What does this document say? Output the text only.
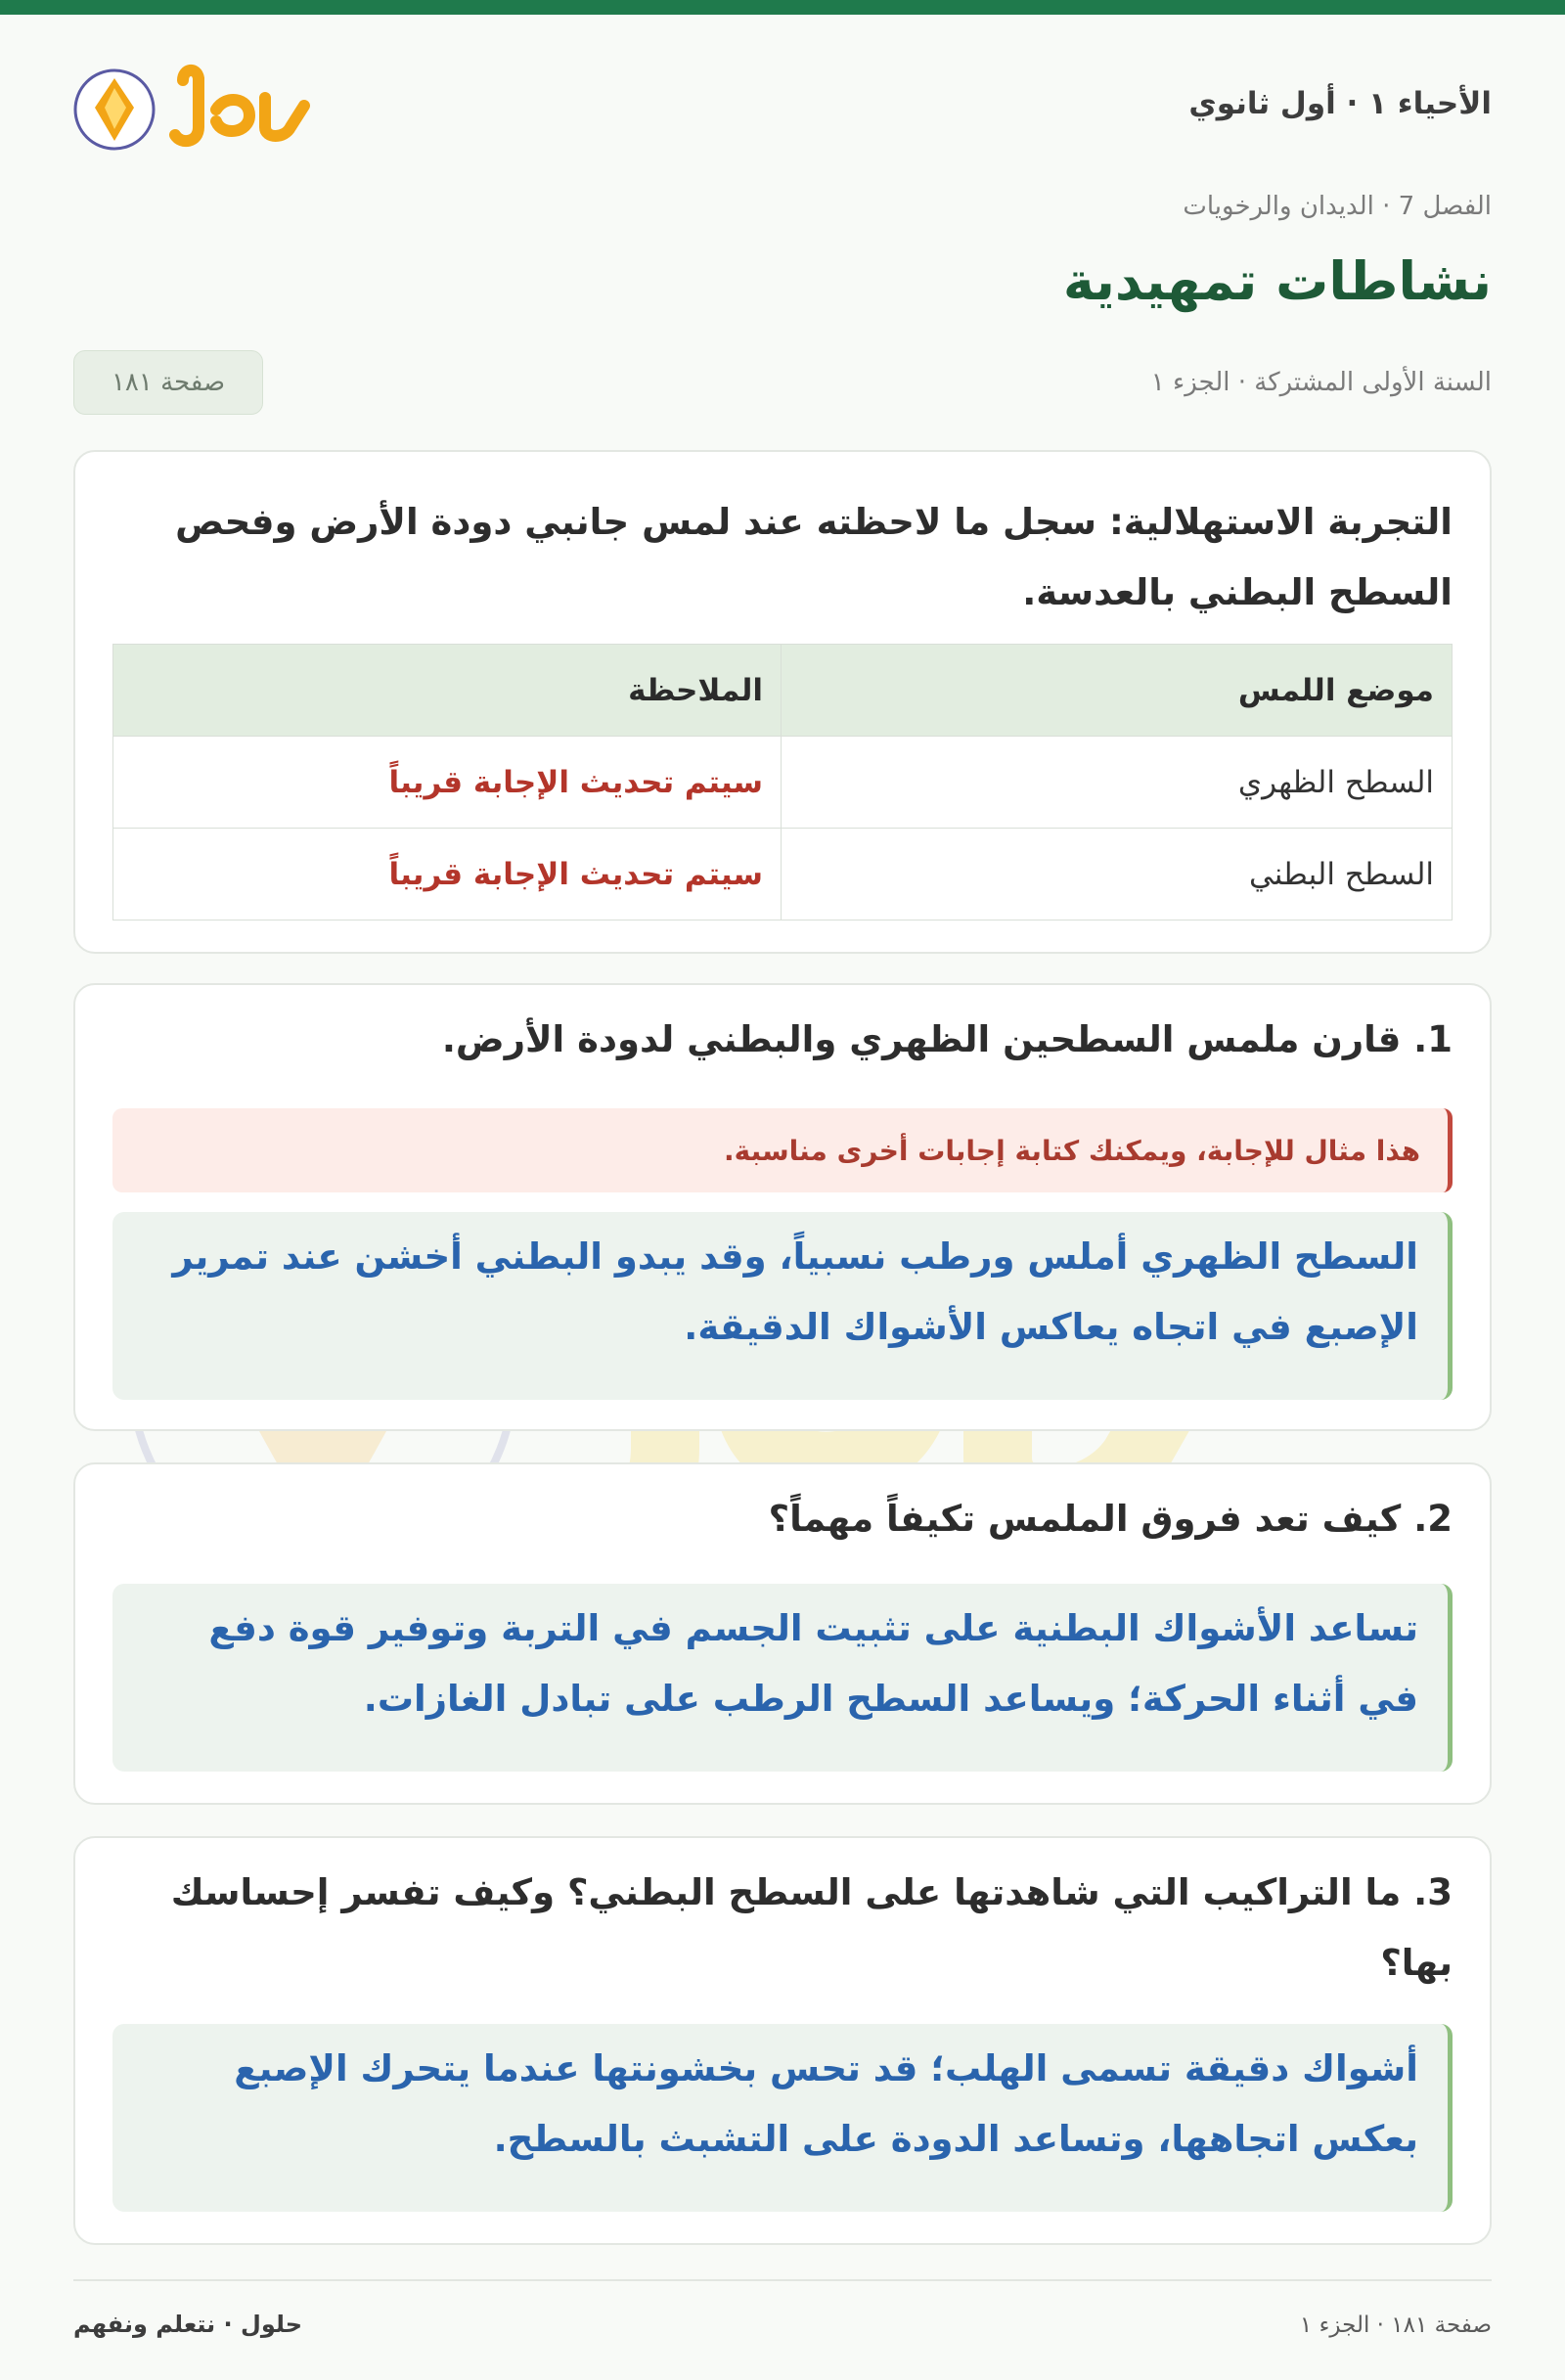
الأحياء ١ · أول ثانوي
الفصل 7 · الديدان والرخويات
نشاطات تمهيدية
السنة الأولى المشتركة · الجزء ١
صفحة ١٨١
التجربة الاستهلالية: سجل ما لاحظته عند لمس جانبي دودة الأرض وفحص السطح البطني بالعدسة.
موضع اللمس	الملاحظة
السطح الظهري	سيتم تحديث الإجابة قريباً
السطح البطني	سيتم تحديث الإجابة قريباً
1. قارن ملمس السطحين الظهري والبطني لدودة الأرض.
هذا مثال للإجابة، ويمكنك كتابة إجابات أخرى مناسبة.
السطح الظهري أملس ورطب نسبياً، وقد يبدو البطني أخشن عند تمرير الإصبع في اتجاه يعاكس الأشواك الدقيقة.
2. كيف تعد فروق الملمس تكيفاً مهماً؟
تساعد الأشواك البطنية على تثبيت الجسم في التربة وتوفير قوة دفع في أثناء الحركة؛ ويساعد السطح الرطب على تبادل الغازات.
3. ما التراكيب التي شاهدتها على السطح البطني؟ وكيف تفسر إحساسك بها؟
أشواك دقيقة تسمى الهلب؛ قد تحس بخشونتها عندما يتحرك الإصبع بعكس اتجاهها، وتساعد الدودة على التشبث بالسطح.
حلول · نتعلم ونفهم	صفحة ١٨١ · الجزء ١
